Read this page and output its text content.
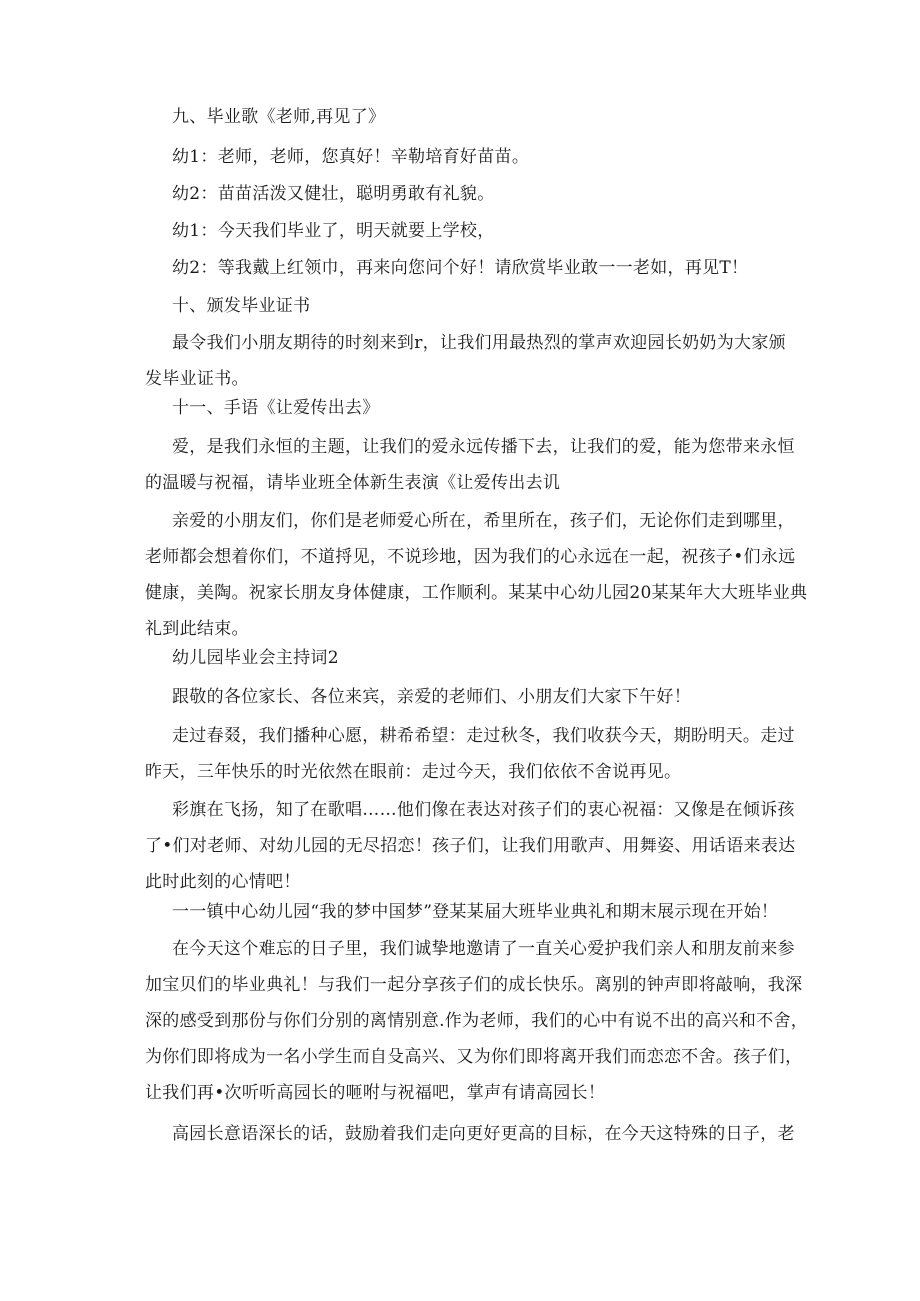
九、毕业歌《老师,再见了》
幼1：老师，老师，您真好！辛勒培育好苗苗。
幼2：苗苗活泼又健壮，聪明勇敢有礼貌。
幼1：今天我们毕业了，明天就要上学校，
幼2：等我戴上红领巾，再来向您问个好！请欣赏毕业敢一一老如，再见T！
十、颁发毕业证书
最令我们小朋友期待的时刻来到r，让我们用最热烈的掌声欢迎园长奶奶为大家颁
发毕业证书。
十一、手语《让爱传出去》
爱，是我们永恒的主题，让我们的爱永远传播下去，让我们的爱，能为您带来永恒
的温暖与祝福，请毕业班全体新生表演《让爱传出去讥
亲爱的小朋友们，你们是老师爱心所在，希里所在，孩子们，无论你们走到哪里，
老师都会想着你们，不道捋见，不说珍地，因为我们的心永远在一起，祝孩子•们永远
健康，美陶。祝家长朋友身体健康，工作顺利。某某中心幼儿园20某某年大大班毕业典
礼到此结束。
幼儿园毕业会主持词2
跟敬的各位家长、各位来宾，亲爱的老师们、小朋友们大家下午好！
走过春叕，我们播种心愿，耕希希望：走过秋冬，我们收获今天，期盼明天。走过
昨天，三年快乐的时光依然在眼前：走过今天，我们依依不舍说再见。
彩旗在飞扬，知了在歌唱……他们像在表达对孩子们的衷心祝福：又像是在倾诉孩
了•们对老师、对幼儿园的无尽招恋！孩子们，让我们用歌声、用舞姿、用话语来表达
此时此刻的心情吧！
一一镇中心幼儿园“我的梦中国梦”登某某届大班毕业典礼和期末展示现在开始！
在今天这个难忘的日子里，我们诚挚地邀请了一直关心爱护我们亲人和朋友前来参
加宝贝们的毕业典礼！与我们一起分享孩子们的成长快乐。离别的钟声即将敲响，我深
深的感受到那份与你们分别的离情别意.作为老师，我们的心中有说不出的高兴和不舍，
为你们即将成为一名小学生而自殳高兴、又为你们即将离开我们而恋恋不舍。孩子们，
让我们再•次听听高园长的咂咐与祝福吧，掌声有请高园长！
高园长意语深长的话，鼓励着我们走向更好更高的目标，在今天这特殊的日子，老
